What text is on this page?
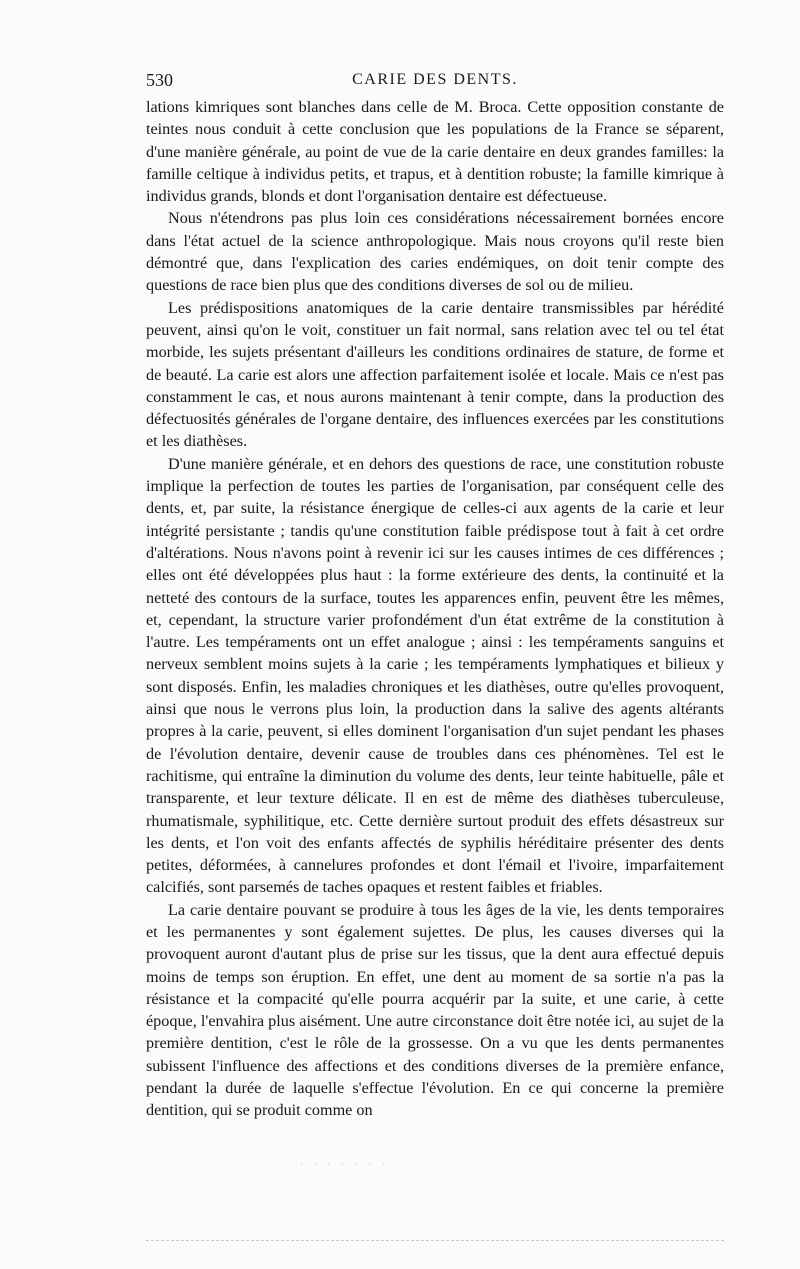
530	CARIE DES DENTS.

lations kimriques sont blanches dans celle de M. Broca. Cette opposition constante de teintes nous conduit à cette conclusion que les populations de la France se séparent, d'une manière générale, au point de vue de la carie dentaire en deux grandes familles: la famille celtique à individus petits, et trapus, et à dentition robuste; la famille kimrique à individus grands, blonds et dont l'organisation dentaire est défectueuse.

Nous n'étendrons pas plus loin ces considérations nécessairement bornées encore dans l'état actuel de la science anthropologique. Mais nous croyons qu'il reste bien démontré que, dans l'explication des caries endémiques, on doit tenir compte des questions de race bien plus que des conditions diverses de sol ou de milieu.

Les prédispositions anatomiques de la carie dentaire transmissibles par hérédité peuvent, ainsi qu'on le voit, constituer un fait normal, sans relation avec tel ou tel état morbide, les sujets présentant d'ailleurs les conditions ordinaires de stature, de forme et de beauté. La carie est alors une affection parfaitement isolée et locale. Mais ce n'est pas constamment le cas, et nous aurons maintenant à tenir compte, dans la production des défectuosités générales de l'organe dentaire, des influences exercées par les constitutions et les diathèses.

D'une manière générale, et en dehors des questions de race, une constitution robuste implique la perfection de toutes les parties de l'organisation, par conséquent celle des dents, et, par suite, la résistance énergique de celles-ci aux agents de la carie et leur intégrité persistante ; tandis qu'une constitution faible prédispose tout à fait à cet ordre d'altérations. Nous n'avons point à revenir ici sur les causes intimes de ces différences ; elles ont été développées plus haut : la forme extérieure des dents, la continuité et la netteté des contours de la surface, toutes les apparences enfin, peuvent être les mêmes, et, cependant, la structure varier profondément d'un état extrême de la constitution à l'autre. Les tempéraments ont un effet analogue ; ainsi : les tempéraments sanguins et nerveux semblent moins sujets à la carie ; les tempéraments lymphatiques et bilieux y sont disposés. Enfin, les maladies chroniques et les diathèses, outre qu'elles provoquent, ainsi que nous le verrons plus loin, la production dans la salive des agents altérants propres à la carie, peuvent, si elles dominent l'organisation d'un sujet pendant les phases de l'évolution dentaire, devenir cause de troubles dans ces phénomènes. Tel est le rachitisme, qui entraîne la diminution du volume des dents, leur teinte habituelle, pâle et transparente, et leur texture délicate. Il en est de même des diathèses tuberculeuse, rhumatismale, syphilitique, etc. Cette dernière surtout produit des effets désastreux sur les dents, et l'on voit des enfants affectés de syphilis héréditaire présenter des dents petites, déformées, à cannelures profondes et dont l'émail et l'ivoire, imparfaitement calcifiés, sont parsemés de taches opaques et restent faibles et friables.

La carie dentaire pouvant se produire à tous les âges de la vie, les dents temporaires et les permanentes y sont également sujettes. De plus, les causes diverses qui la provoquent auront d'autant plus de prise sur les tissus, que la dent aura effectué depuis moins de temps son éruption. En effet, une dent au moment de sa sortie n'a pas la résistance et la compacité qu'elle pourra acquérir par la suite, et une carie, à cette époque, l'envahira plus aisément. Une autre circonstance doit être notée ici, au sujet de la première dentition, c'est le rôle de la grossesse. On a vu que les dents permanentes subissent l'influence des affections et des conditions diverses de la première enfance, pendant la durée de laquelle s'effectue l'évolution. En ce qui concerne la première dentition, qui se produit comme on

· · · · · · ·
